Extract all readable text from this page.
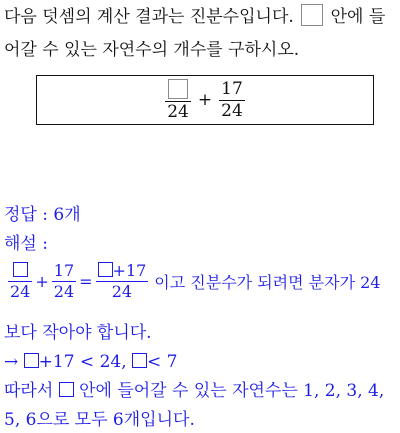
다음 덧셈의 계산 결과는 진분수입니다. 안에 들
어갈 수 있는 자연수의 개수를 구하시오.
24
+ $\frac{17}{24}$
정답 : 6개
해설 :
24
+ $\frac{17}{24} = \frac{+17}{24}$ 이고 진분수가 되려면 분자가 24
보다 작아야 합니다.
→ +17 < 24, < 7
따라서 안에 들어갈 수 있는 자연수는 1, 2, 3, 4,
5, 6으로 모두 6개입니다.
